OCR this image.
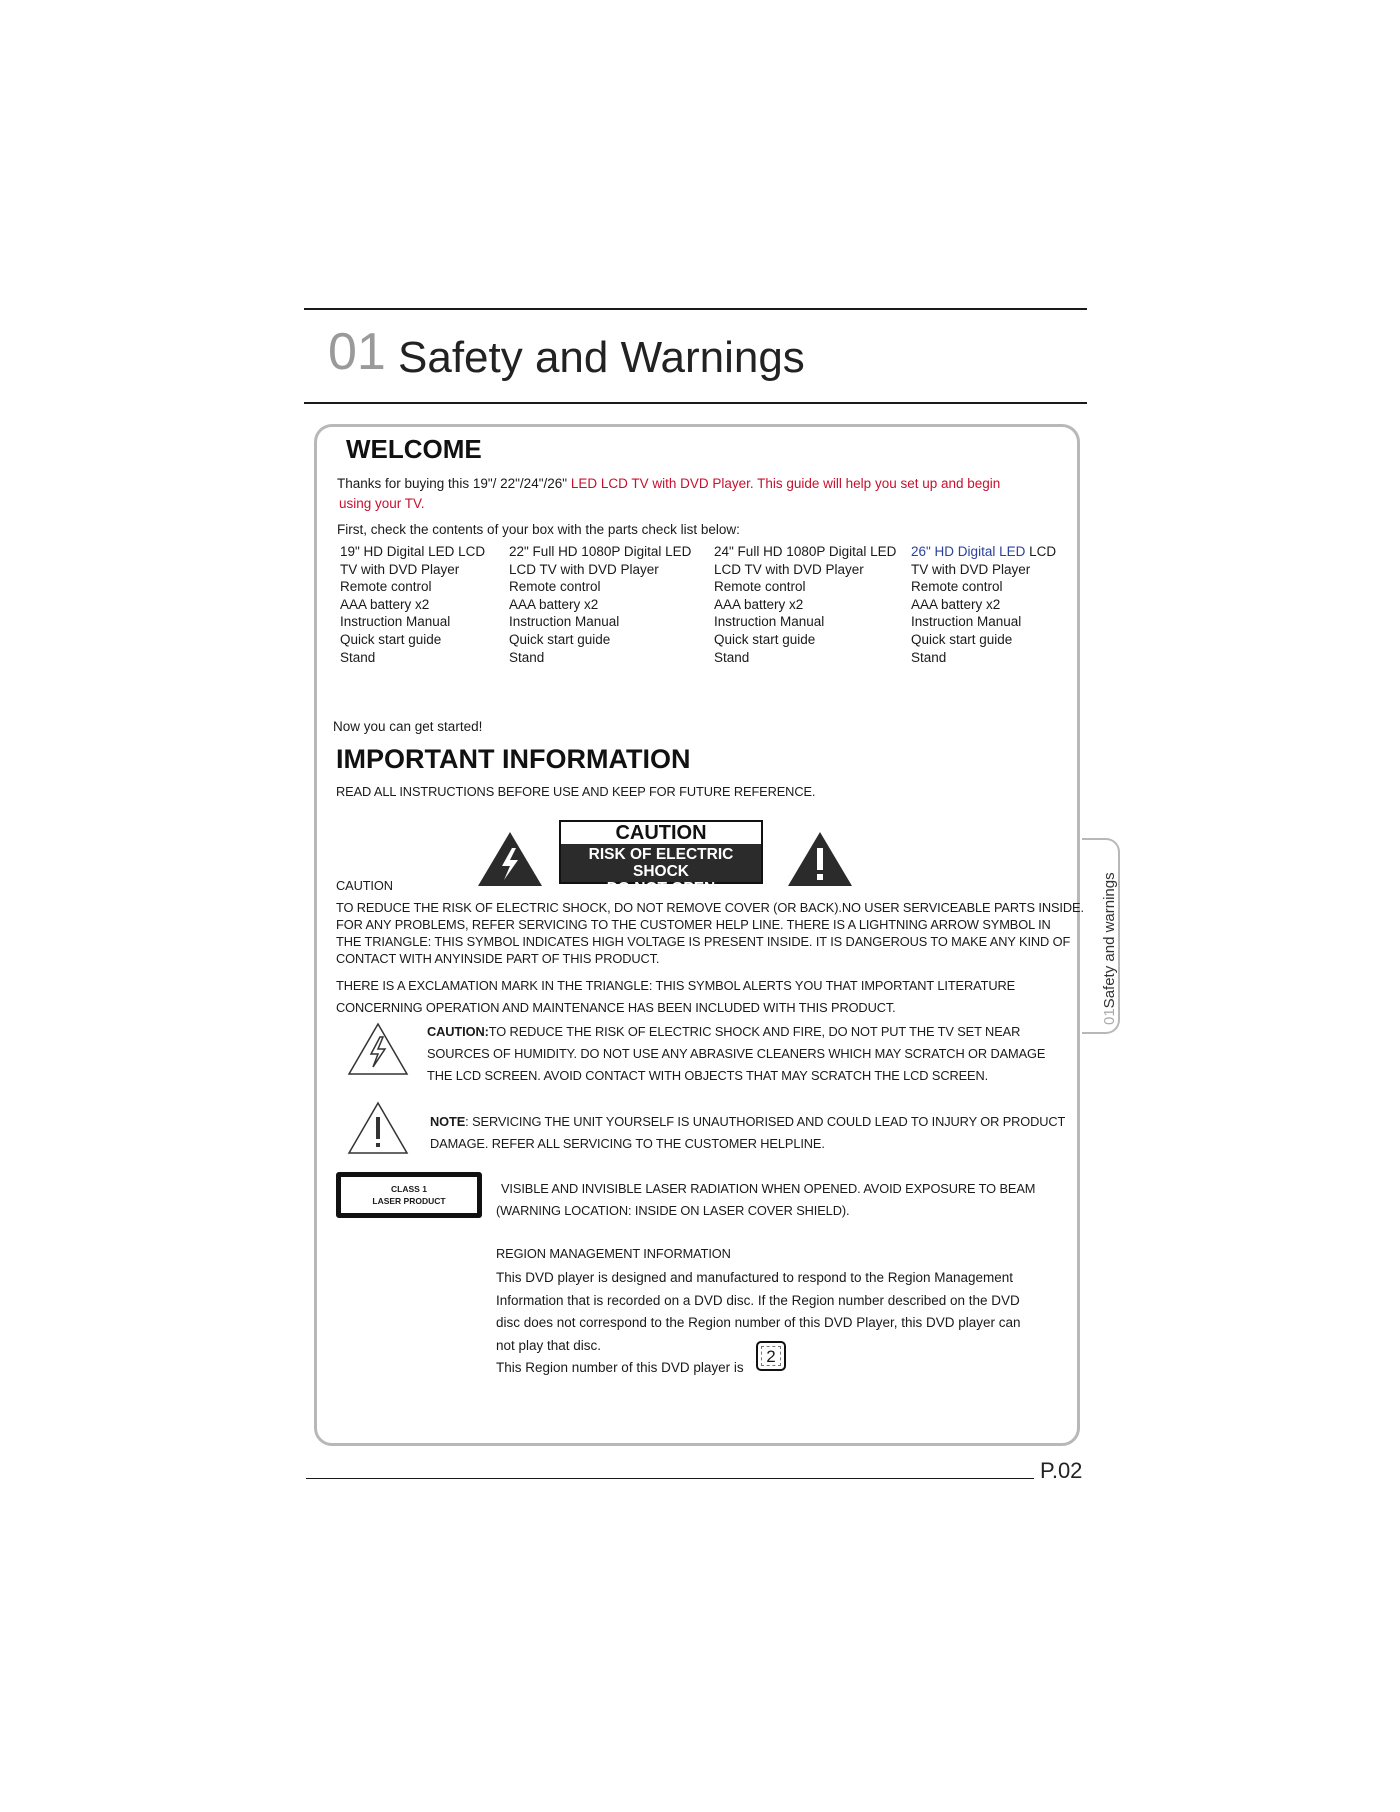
01 Safety and Warnings
01Safety and warnings
WELCOME
Thanks for buying this 19"/ 22"/24"/26" LED LCD TV with DVD Player. This guide will help you set up and begin
using your TV.
First, check the contents of your box with the parts check list below:
19" HD Digital LED LCD
TV with DVD Player
Remote control
AAA battery x2
Instruction Manual
Quick start guide
Stand
22" Full HD 1080P Digital LED
LCD TV with DVD Player
Remote control
AAA battery x2
Instruction Manual
Quick start guide
Stand
24" Full HD 1080P Digital LED
LCD TV with DVD Player
Remote control
AAA battery x2
Instruction Manual
Quick start guide
Stand
26" HD Digital LED LCD
TV with DVD Player
Remote control
AAA battery x2
Instruction Manual
Quick start guide
Stand
Now you can get started!
IMPORTANT INFORMATION
READ ALL INSTRUCTIONS BEFORE USE AND KEEP FOR FUTURE REFERENCE.
CAUTION
CAUTION
RISK OF ELECTRIC SHOCK
DO NOT OPEN
TO REDUCE THE RISK OF ELECTRIC SHOCK, DO NOT REMOVE COVER (OR BACK).NO USER SERVICEABLE PARTS INSIDE.
FOR ANY PROBLEMS, REFER SERVICING TO THE CUSTOMER HELP LINE. THERE IS A LIGHTNING ARROW SYMBOL IN
THE TRIANGLE: THIS SYMBOL INDICATES HIGH VOLTAGE IS PRESENT INSIDE. IT IS DANGEROUS TO MAKE ANY KIND OF
CONTACT WITH ANYINSIDE PART OF THIS PRODUCT.
THERE IS A EXCLAMATION MARK IN THE TRIANGLE: THIS SYMBOL ALERTS YOU THAT IMPORTANT LITERATURE
CONCERNING OPERATION AND MAINTENANCE HAS BEEN INCLUDED WITH THIS PRODUCT.
CAUTION:TO REDUCE THE RISK OF ELECTRIC SHOCK AND FIRE, DO NOT PUT THE TV SET NEAR
SOURCES OF HUMIDITY. DO NOT USE ANY ABRASIVE CLEANERS WHICH MAY SCRATCH OR DAMAGE
THE LCD SCREEN. AVOID CONTACT WITH OBJECTS THAT MAY SCRATCH THE LCD SCREEN.
NOTE: SERVICING THE UNIT YOURSELF IS UNAUTHORISED AND COULD LEAD TO INJURY OR PRODUCT
DAMAGE. REFER ALL SERVICING TO THE CUSTOMER HELPLINE.
CLASS 1
LASER PRODUCT
VISIBLE AND INVISIBLE LASER RADIATION WHEN OPENED. AVOID EXPOSURE TO BEAM
(WARNING LOCATION: INSIDE ON LASER COVER SHIELD).
REGION MANAGEMENT INFORMATION
This DVD player is designed and manufactured to respond to the Region Management
Information that is recorded on a DVD disc. If the Region number described on the DVD
disc does not correspond to the Region number of this DVD Player, this DVD player can
not play that disc.
This Region number of this DVD player is
2
P.02
